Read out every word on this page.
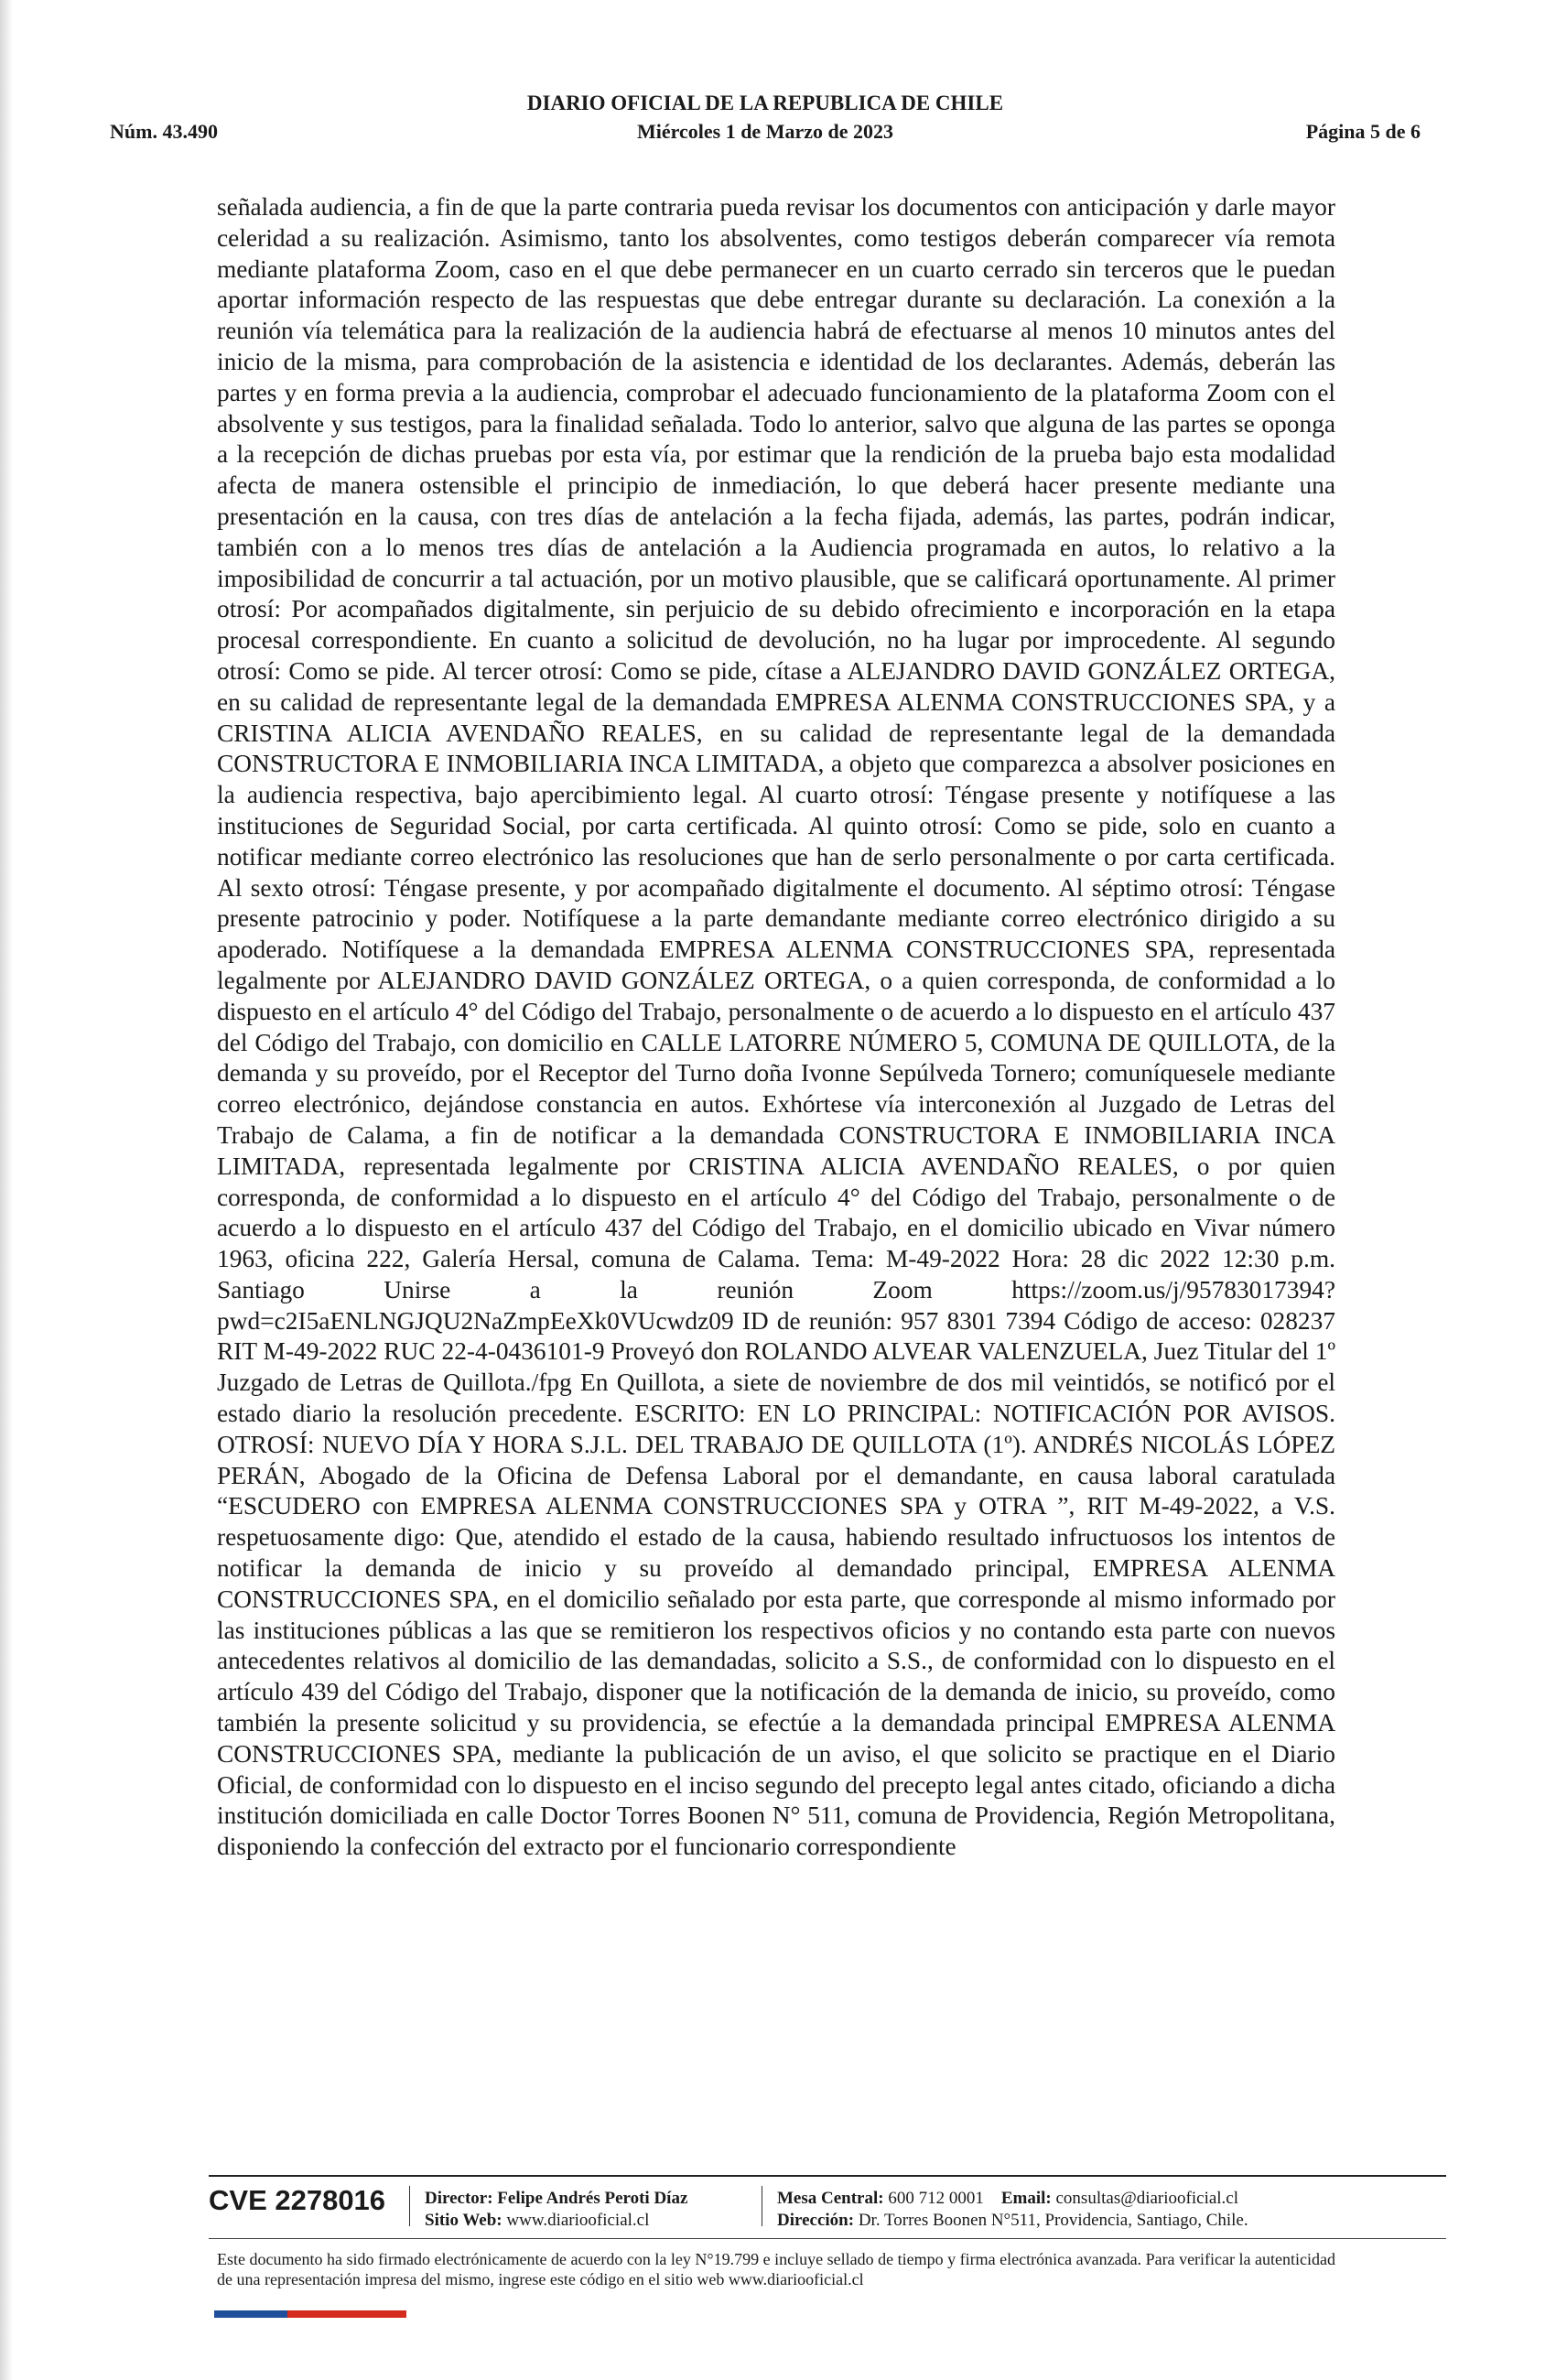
DIARIO OFICIAL DE LA REPUBLICA DE CHILE
Núm. 43.490	Miércoles 1 de Marzo de 2023	Página 5 de 6
señalada audiencia, a fin de que la parte contraria pueda revisar los documentos con anticipación y darle mayor celeridad a su realización. Asimismo, tanto los absolventes, como testigos deberán comparecer vía remota mediante plataforma Zoom, caso en el que debe permanecer en un cuarto cerrado sin terceros que le puedan aportar información respecto de las respuestas que debe entregar durante su declaración. La conexión a la reunión vía telemática para la realización de la audiencia habrá de efectuarse al menos 10 minutos antes del inicio de la misma, para comprobación de la asistencia e identidad de los declarantes. Además, deberán las partes y en forma previa a la audiencia, comprobar el adecuado funcionamiento de la plataforma Zoom con el absolvente y sus testigos, para la finalidad señalada. Todo lo anterior, salvo que alguna de las partes se oponga a la recepción de dichas pruebas por esta vía, por estimar que la rendición de la prueba bajo esta modalidad afecta de manera ostensible el principio de inmediación, lo que deberá hacer presente mediante una presentación en la causa, con tres días de antelación a la fecha fijada, además, las partes, podrán indicar, también con a lo menos tres días de antelación a la Audiencia programada en autos, lo relativo a la imposibilidad de concurrir a tal actuación, por un motivo plausible, que se calificará oportunamente. Al primer otrosí: Por acompañados digitalmente, sin perjuicio de su debido ofrecimiento e incorporación en la etapa procesal correspondiente. En cuanto a solicitud de devolución, no ha lugar por improcedente. Al segundo otrosí: Como se pide. Al tercer otrosí: Como se pide, cítase a ALEJANDRO DAVID GONZÁLEZ ORTEGA, en su calidad de representante legal de la demandada EMPRESA ALENMA CONSTRUCCIONES SPA, y a CRISTINA ALICIA AVENDAÑO REALES, en su calidad de representante legal de la demandada CONSTRUCTORA E INMOBILIARIA INCA LIMITADA, a objeto que comparezca a absolver posiciones en la audiencia respectiva, bajo apercibimiento legal. Al cuarto otrosí: Téngase presente y notifíquese a las instituciones de Seguridad Social, por carta certificada. Al quinto otrosí: Como se pide, solo en cuanto a notificar mediante correo electrónico las resoluciones que han de serlo personalmente o por carta certificada. Al sexto otrosí: Téngase presente, y por acompañado digitalmente el documento. Al séptimo otrosí: Téngase presente patrocinio y poder. Notifíquese a la parte demandante mediante correo electrónico dirigido a su apoderado. Notifíquese a la demandada EMPRESA ALENMA CONSTRUCCIONES SPA, representada legalmente por ALEJANDRO DAVID GONZÁLEZ ORTEGA, o a quien corresponda, de conformidad a lo dispuesto en el artículo 4° del Código del Trabajo, personalmente o de acuerdo a lo dispuesto en el artículo 437 del Código del Trabajo, con domicilio en CALLE LATORRE NÚMERO 5, COMUNA DE QUILLOTA, de la demanda y su proveído, por el Receptor del Turno doña Ivonne Sepúlveda Tornero; comuníquesele mediante correo electrónico, dejándose constancia en autos. Exhórtese vía interconexión al Juzgado de Letras del Trabajo de Calama, a fin de notificar a la demandada CONSTRUCTORA E INMOBILIARIA INCA LIMITADA, representada legalmente por CRISTINA ALICIA AVENDAÑO REALES, o por quien corresponda, de conformidad a lo dispuesto en el artículo 4° del Código del Trabajo, personalmente o de acuerdo a lo dispuesto en el artículo 437 del Código del Trabajo, en el domicilio ubicado en Vivar número 1963, oficina 222, Galería Hersal, comuna de Calama. Tema: M-49-2022 Hora: 28 dic 2022 12:30 p.m. Santiago Unirse a la reunión Zoom https://zoom.us/j/95783017394?pwd=c2I5aENLNGJQU2NaZmpEeXk0VUcwdz09 ID de reunión: 957 8301 7394 Código de acceso: 028237 RIT M-49-2022 RUC 22-4-0436101-9 Proveyó don ROLANDO ALVEAR VALENZUELA, Juez Titular del 1º Juzgado de Letras de Quillota./fpg En Quillota, a siete de noviembre de dos mil veintidós, se notificó por el estado diario la resolución precedente. ESCRITO: EN LO PRINCIPAL: NOTIFICACIÓN POR AVISOS. OTROSÍ: NUEVO DÍA Y HORA S.J.L. DEL TRABAJO DE QUILLOTA (1º). ANDRÉS NICOLÁS LÓPEZ PERÁN, Abogado de la Oficina de Defensa Laboral por el demandante, en causa laboral caratulada “ESCUDERO con EMPRESA ALENMA CONSTRUCCIONES SPA y OTRA ”, RIT M-49-2022, a V.S. respetuosamente digo: Que, atendido el estado de la causa, habiendo resultado infructuosos los intentos de notificar la demanda de inicio y su proveído al demandado principal, EMPRESA ALENMA CONSTRUCCIONES SPA, en el domicilio señalado por esta parte, que corresponde al mismo informado por las instituciones públicas a las que se remitieron los respectivos oficios y no contando esta parte con nuevos antecedentes relativos al domicilio de las demandadas, solicito a S.S., de conformidad con lo dispuesto en el artículo 439 del Código del Trabajo, disponer que la notificación de la demanda de inicio, su proveído, como también la presente solicitud y su providencia, se efectúe a la demandada principal EMPRESA ALENMA CONSTRUCCIONES SPA, mediante la publicación de un aviso, el que solicito se practique en el Diario Oficial, de conformidad con lo dispuesto en el inciso segundo del precepto legal antes citado, oficiando a dicha institución domiciliada en calle Doctor Torres Boonen N° 511, comuna de Providencia, Región Metropolitana, disponiendo la confección del extracto por el funcionario correspondiente
CVE 2278016 Director: Felipe Andrés Peroti Díaz
Sitio Web: www.diariooficial.cl
Mesa Central: 600 712 0001 Email: consultas@diariooficial.cl
Dirección: Dr. Torres Boonen N°511, Providencia, Santiago, Chile.
Este documento ha sido firmado electrónicamente de acuerdo con la ley N°19.799 e incluye sellado de tiempo y firma electrónica avanzada. Para verificar la autenticidad de una representación impresa del mismo, ingrese este código en el sitio web www.diariooficial.cl
